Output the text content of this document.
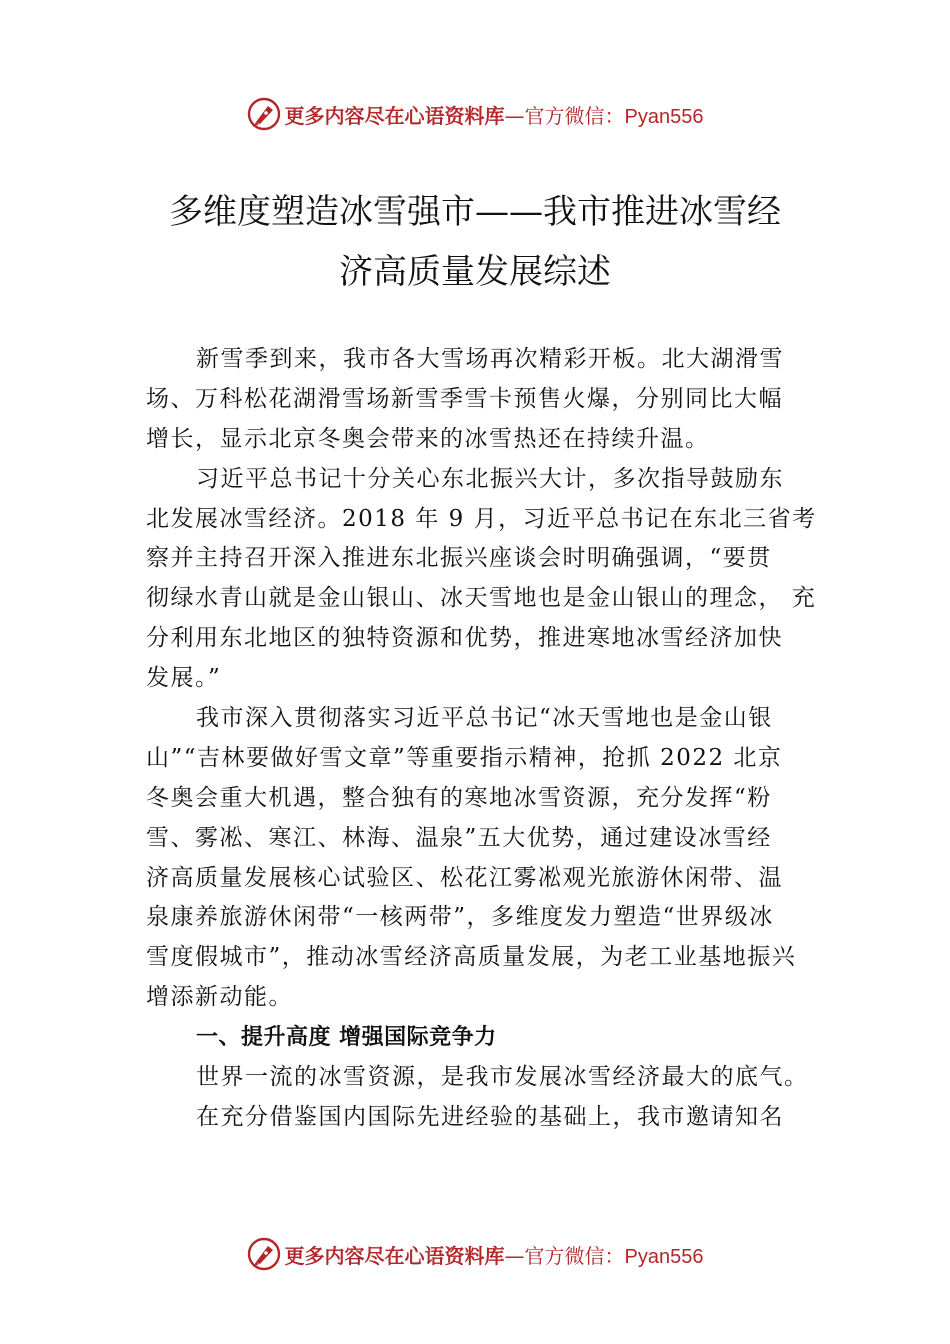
更多内容尽在心语资料库—官方微信：Pyan556
多维度塑造冰雪强市——我市推进冰雪经
济高质量发展综述
新雪季到来，我市各大雪场再次精彩开板。北大湖滑雪
场、万科松花湖滑雪场新雪季雪卡预售火爆，分别同比大幅
增长，显示北京冬奥会带来的冰雪热还在持续升温。
习近平总书记十分关心东北振兴大计，多次指导鼓励东
北发展冰雪经济。2018 年 9 月，习近平总书记在东北三省考
察并主持召开深入推进东北振兴座谈会时明确强调，“要贯
彻绿水青山就是金山银山、冰天雪地也是金山银山的理念， 充
分利用东北地区的独特资源和优势，推进寒地冰雪经济加快
发展。”
我市深入贯彻落实习近平总书记“冰天雪地也是金山银
山”“吉林要做好雪文章”等重要指示精神，抢抓 2022 北京
冬奥会重大机遇，整合独有的寒地冰雪资源，充分发挥“粉
雪、雾凇、寒江、林海、温泉”五大优势，通过建设冰雪经
济高质量发展核心试验区、松花江雾凇观光旅游休闲带、温
泉康养旅游休闲带“一核两带”，多维度发力塑造“世界级冰
雪度假城市”，推动冰雪经济高质量发展，为老工业基地振兴
增添新动能。
一、提升高度 增强国际竞争力
世界一流的冰雪资源，是我市发展冰雪经济最大的底气。
在充分借鉴国内国际先进经验的基础上，我市邀请知名
更多内容尽在心语资料库—官方微信：Pyan556
